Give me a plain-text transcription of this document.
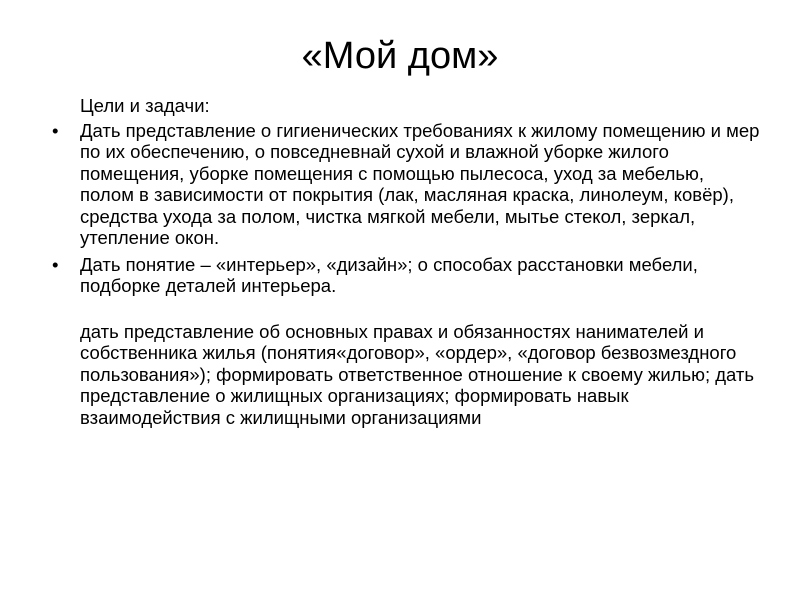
«Мой дом»

Цели и задачи:

•	Дать представление о гигиенических требованиях к жилому помещению и мер по их обеспечению, о повседневнай сухой и влажной уборке жилого помещения, уборке помещения с помощью пылесоса, уход за мебелью, полом в зависимости от покрытия (лак, масляная краска, линолеум, ковёр), средства ухода за полом, чистка мягкой мебели, мытье стекол, зеркал, утепление окон.

•	Дать понятие – «интерьер», «дизайн»; о способах расстановки мебели, подборке деталей интерьера.

дать представление об основных правах и обязанностях нанимателей и собственника жилья (понятия«договор», «ордер», «договор безвозмездного пользования»); формировать ответственное отношение к своему жилью; дать представление о жилищных организациях; формировать навык взаимодействия с жилищными организациями
